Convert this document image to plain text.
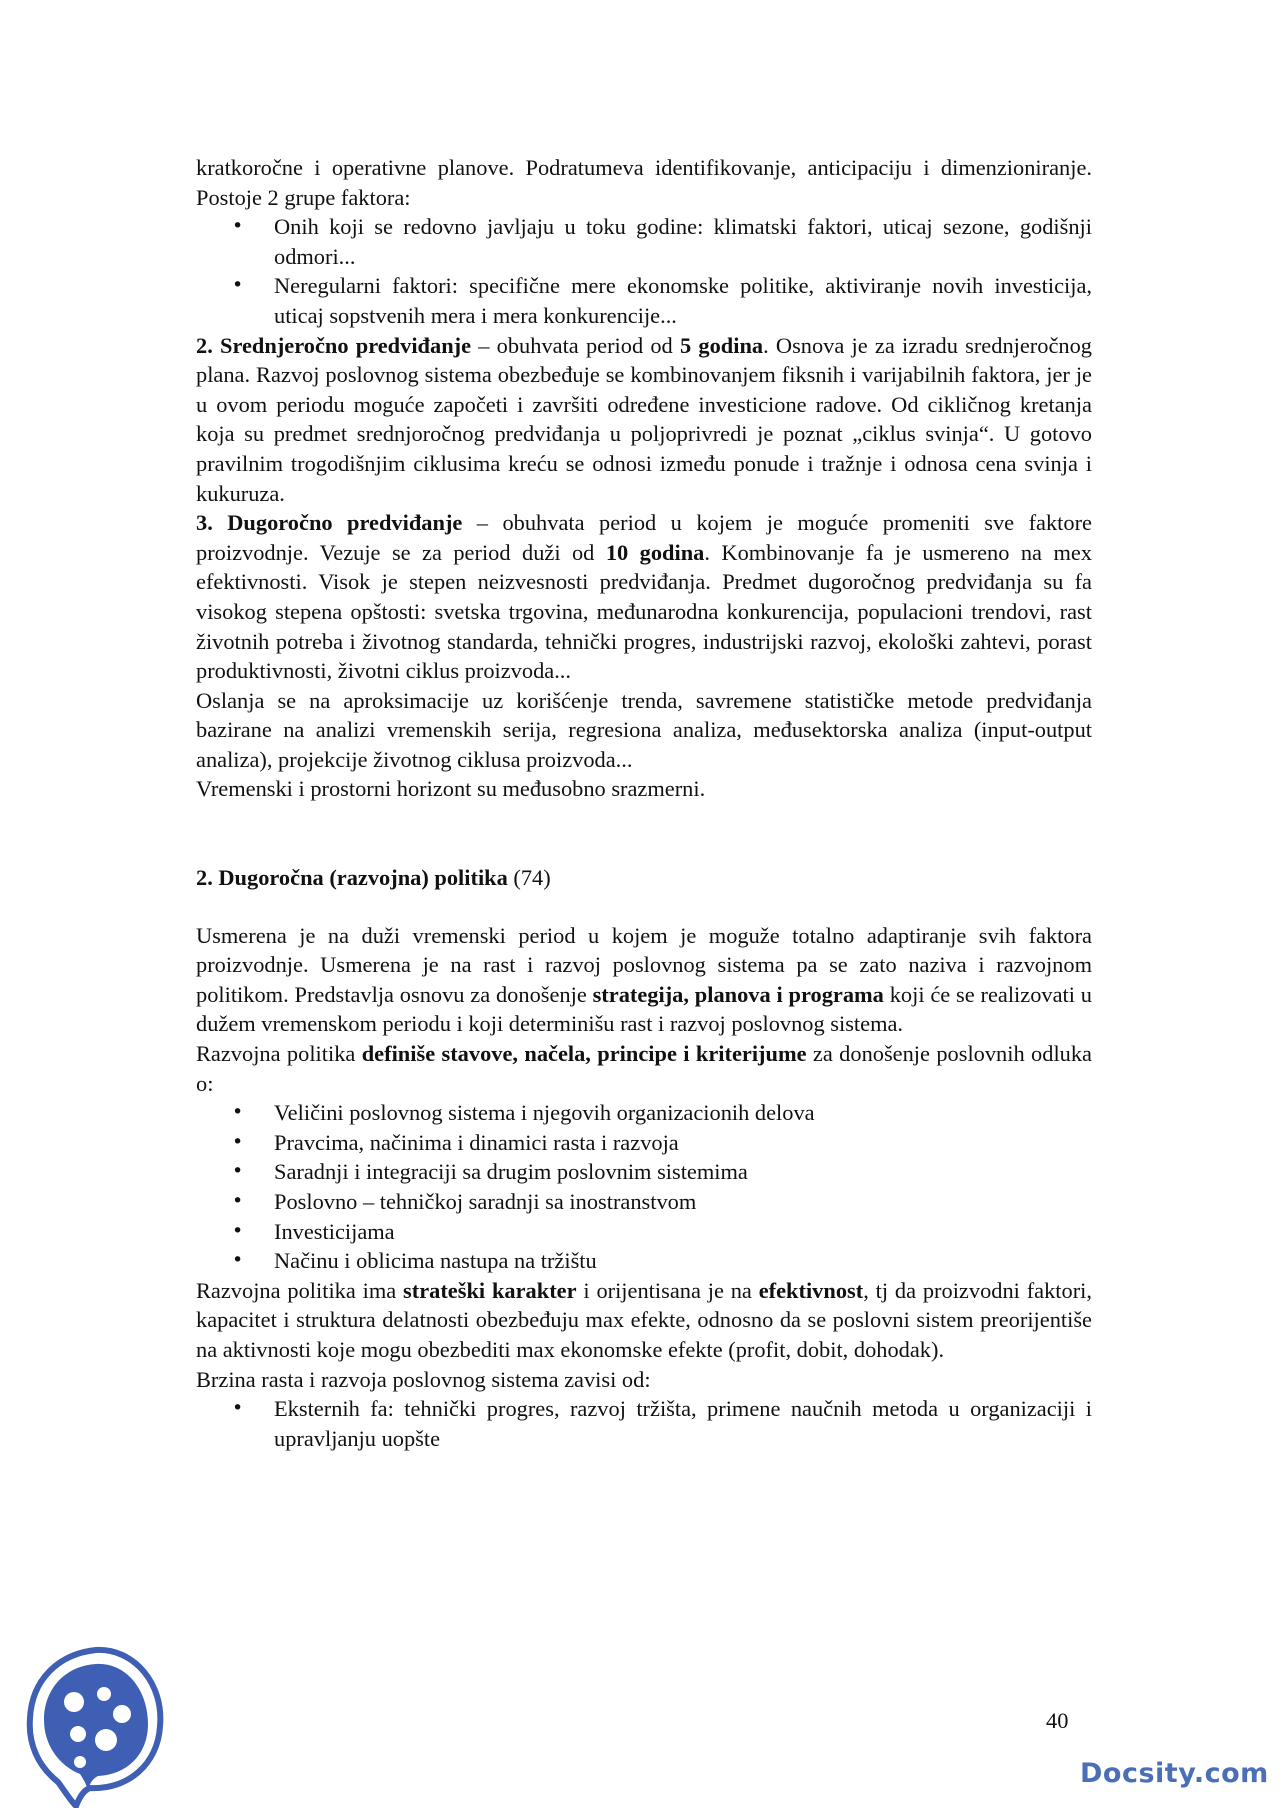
kratkoročne i operativne planove. Podratumeva identifikovanje, anticipaciju i dimenzioniranje. Postoje 2 grupe faktora:

• Onih koji se redovno javljaju u toku godine: klimatski faktori, uticaj sezone, godišnji odmori...
• Neregularni faktori: specifične mere ekonomske politike, aktiviranje novih investicija, uticaj sopstvenih mera i mera konkurencije...

2. Srednjeročno predviđanje – obuhvata period od 5 godina. Osnova je za izradu srednjeročnog plana. Razvoj poslovnog sistema obezbeđuje se kombinovanjem fiksnih i varijabilnih faktora, jer je u ovom periodu moguće započeti i završiti određene investicione radove. Od cikličnog kretanja koja su predmet srednjoročnog predviđanja u poljoprivredi je poznat „ciklus svinja“. U gotovo pravilnim trogodišnjim ciklusima kreću se odnosi između ponude i tražnje i odnosa cena svinja i kukuruza.

3. Dugoročno predviđanje – obuhvata period u kojem je moguće promeniti sve faktore proizvodnje. Vezuje se za period duži od 10 godina. Kombinovanje fa je usmereno na mex efektivnosti. Visok je stepen neizvesnosti predviđanja. Predmet dugoročnog predviđanja su fa visokog stepena opštosti: svetska trgovina, međunarodna konkurencija, populacioni trendovi, rast životnih potreba i životnog standarda, tehnički progres, industrijski razvoj, ekološki zahtevi, porast produktivnosti, životni ciklus proizvoda...

Oslanja se na aproksimacije uz korišćenje trenda, savremene statističke metode predviđanja bazirane na analizi vremenskih serija, regresiona analiza, međusektorska analiza (input-output analiza), projekcije životnog ciklusa proizvoda...

Vremenski i prostorni horizont su međusobno srazmerni.

2. Dugoročna (razvojna) politika (74)

Usmerena je na duži vremenski period u kojem je moguže totalno adaptiranje svih faktora proizvodnje. Usmerena je na rast i razvoj poslovnog sistema pa se zato naziva i razvojnom politikom. Predstavlja osnovu za donošenje strategija, planova i programa koji će se realizovati u dužem vremenskom periodu i koji determinišu rast i razvoj poslovnog sistema.

Razvojna politika definiše stavove, načela, principe i kriterijume za donošenje poslovnih odluka o:

• Veličini poslovnog sistema i njegovih organizacionih delova
• Pravcima, načinima i dinamici rasta i razvoja
• Saradnji i integraciji sa drugim poslovnim sistemima
• Poslovno – tehničkoj saradnji sa inostranstvom
• Investicijama
• Načinu i oblicima nastupa na tržištu

Razvojna politika ima strateški karakter i orijentisana je na efektivnost, tj da proizvodni faktori, kapacitet i struktura delatnosti obezbeđuju max efekte, odnosno da se poslovni sistem preorijentiše na aktivnosti koje mogu obezbediti max ekonomske efekte (profit, dobit, dohodak).

Brzina rasta i razvoja poslovnog sistema zavisi od:

• Eksternih fa: tehnički progres, razvoj tržišta, primene naučnih metoda u organizaciji i upravljanju uopšte
40
Docsity.com
